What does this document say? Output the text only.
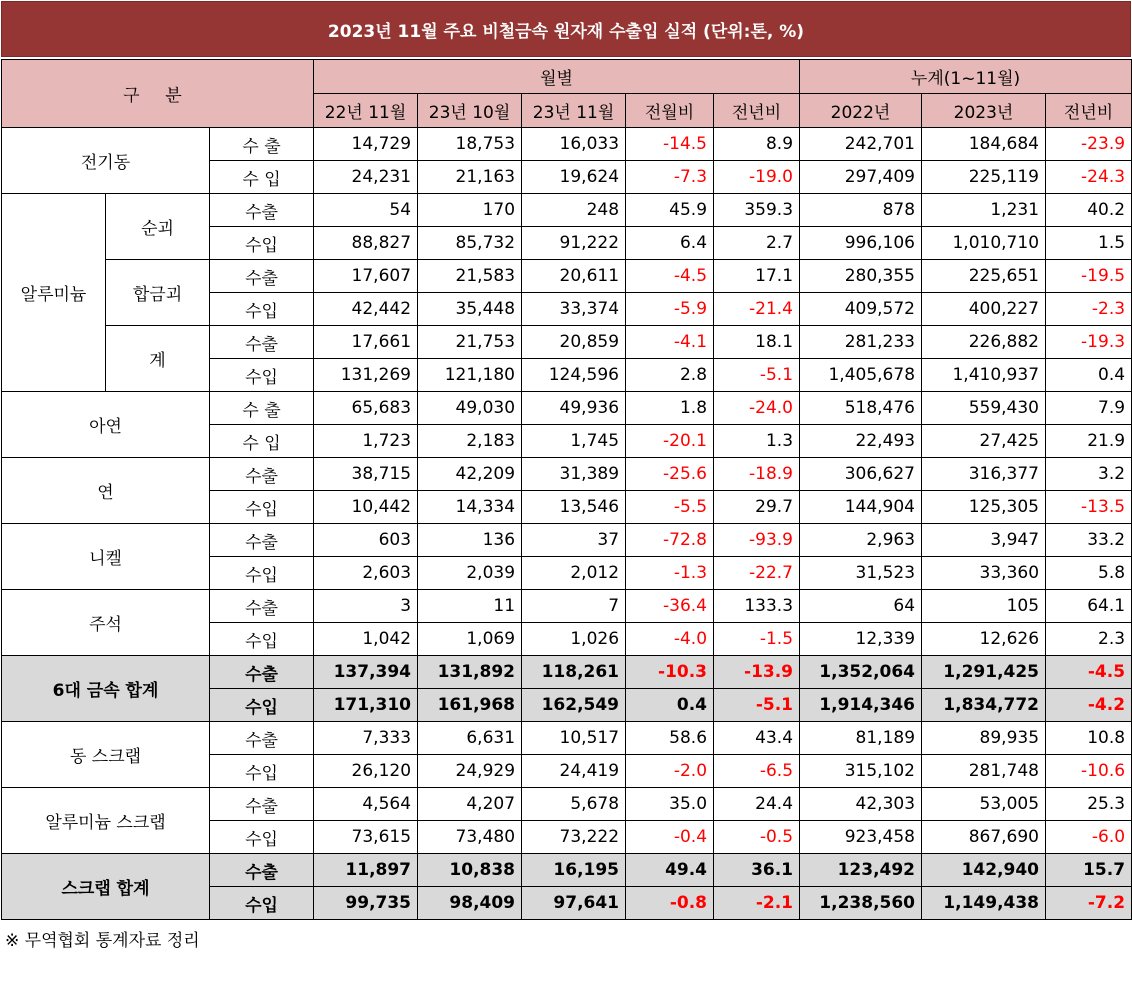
2023년 11월 주요 비철금속 원자재 수출입 실적 (단위:톤, %)
구 분			월별					누계(1~11월)		
			22년 11월	23년 10월	23년 11월	전월비	전년비	2022년	2023년	전년비
전기동		수 출	14,729	18,753	16,033	-14.5	8.9	242,701	184,684	-23.9
		수 입	24,231	21,163	19,624	-7.3	-19.0	297,409	225,119	-24.3
알루미늄	순괴	수출	54	170	248	45.9	359.3	878	1,231	40.2
		수입	88,827	85,732	91,222	6.4	2.7	996,106	1,010,710	1.5
	합금괴	수출	17,607	21,583	20,611	-4.5	17.1	280,355	225,651	-19.5
		수입	42,442	35,448	33,374	-5.9	-21.4	409,572	400,227	-2.3
	계	수출	17,661	21,753	20,859	-4.1	18.1	281,233	226,882	-19.3
		수입	131,269	121,180	124,596	2.8	-5.1	1,405,678	1,410,937	0.4
아연		수 출	65,683	49,030	49,936	1.8	-24.0	518,476	559,430	7.9
		수 입	1,723	2,183	1,745	-20.1	1.3	22,493	27,425	21.9
연		수출	38,715	42,209	31,389	-25.6	-18.9	306,627	316,377	3.2
		수입	10,442	14,334	13,546	-5.5	29.7	144,904	125,305	-13.5
니켈		수출	603	136	37	-72.8	-93.9	2,963	3,947	33.2
		수입	2,603	2,039	2,012	-1.3	-22.7	31,523	33,360	5.8
주석		수출	3	11	7	-36.4	133.3	64	105	64.1
		수입	1,042	1,069	1,026	-4.0	-1.5	12,339	12,626	2.3
6대 금속 합계		수출	137,394	131,892	118,261	-10.3	-13.9	1,352,064	1,291,425	-4.5
		수입	171,310	161,968	162,549	0.4	-5.1	1,914,346	1,834,772	-4.2
동 스크랩		수출	7,333	6,631	10,517	58.6	43.4	81,189	89,935	10.8
		수입	26,120	24,929	24,419	-2.0	-6.5	315,102	281,748	-10.6
알루미늄 스크랩		수출	4,564	4,207	5,678	35.0	24.4	42,303	53,005	25.3
		수입	73,615	73,480	73,222	-0.4	-0.5	923,458	867,690	-6.0
스크랩 합계		수출	11,897	10,838	16,195	49.4	36.1	123,492	142,940	15.7
		수입	99,735	98,409	97,641	-0.8	-2.1	1,238,560	1,149,438	-7.2
※ 무역협회 통계자료 정리
